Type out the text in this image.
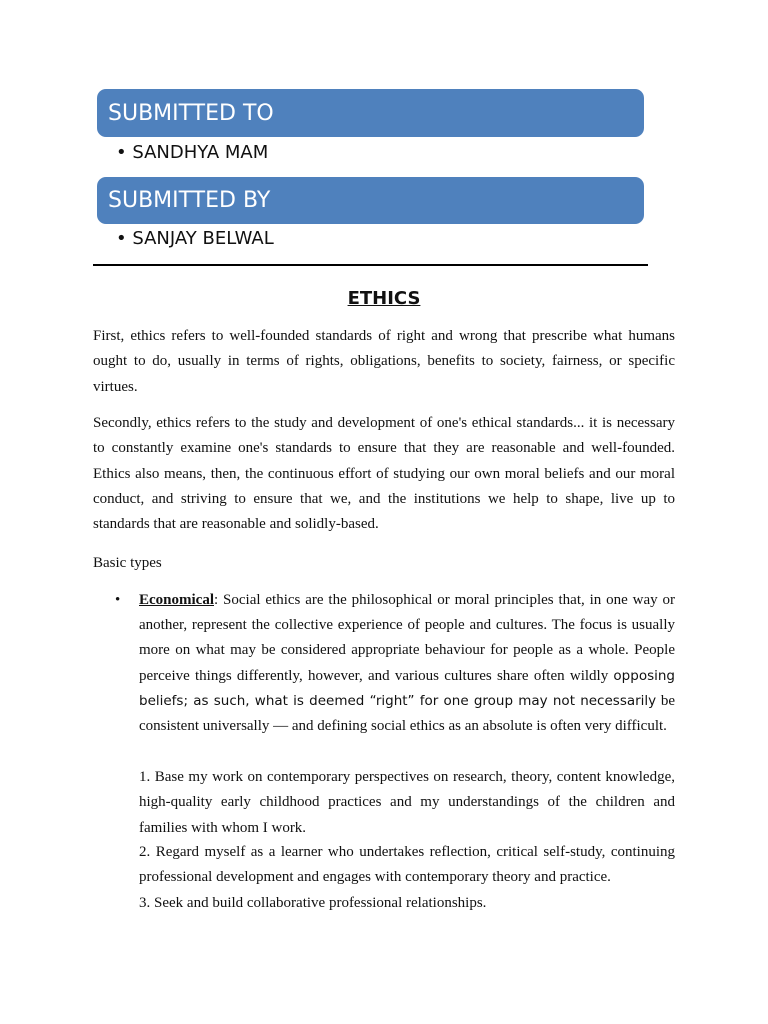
SUBMITTED TO
• SANDHYA MAM
SUBMITTED BY
• SANJAY BELWAL
ETHICS

First, ethics refers to well-founded standards of right and wrong that prescribe what humans ought to do, usually in terms of rights, obligations, benefits to society, fairness, or specific virtues.

Secondly, ethics refers to the study and development of one's ethical standards... it is necessary to constantly examine one's standards to ensure that they are reasonable and well-founded. Ethics also means, then, the continuous effort of studying our own moral beliefs and our moral conduct, and striving to ensure that we, and the institutions we help to shape, live up to standards that are reasonable and solidly-based.

Basic types

• Economical: Social ethics are the philosophical or moral principles that, in one way or another, represent the collective experience of people and cultures. The focus is usually more on what may be considered appropriate behaviour for people as a whole. People perceive things differently, however, and various cultures share often wildly opposing beliefs; as such, what is deemed “right” for one group may not necessarily be consistent universally — and defining social ethics as an absolute is often very difficult.

1. Base my work on contemporary perspectives on research, theory, content knowledge, high-quality early childhood practices and my understandings of the children and families with whom I work.

2. Regard myself as a learner who undertakes reflection, critical self-study, continuing professional development and engages with contemporary theory and practice.

3. Seek and build collaborative professional relationships.
